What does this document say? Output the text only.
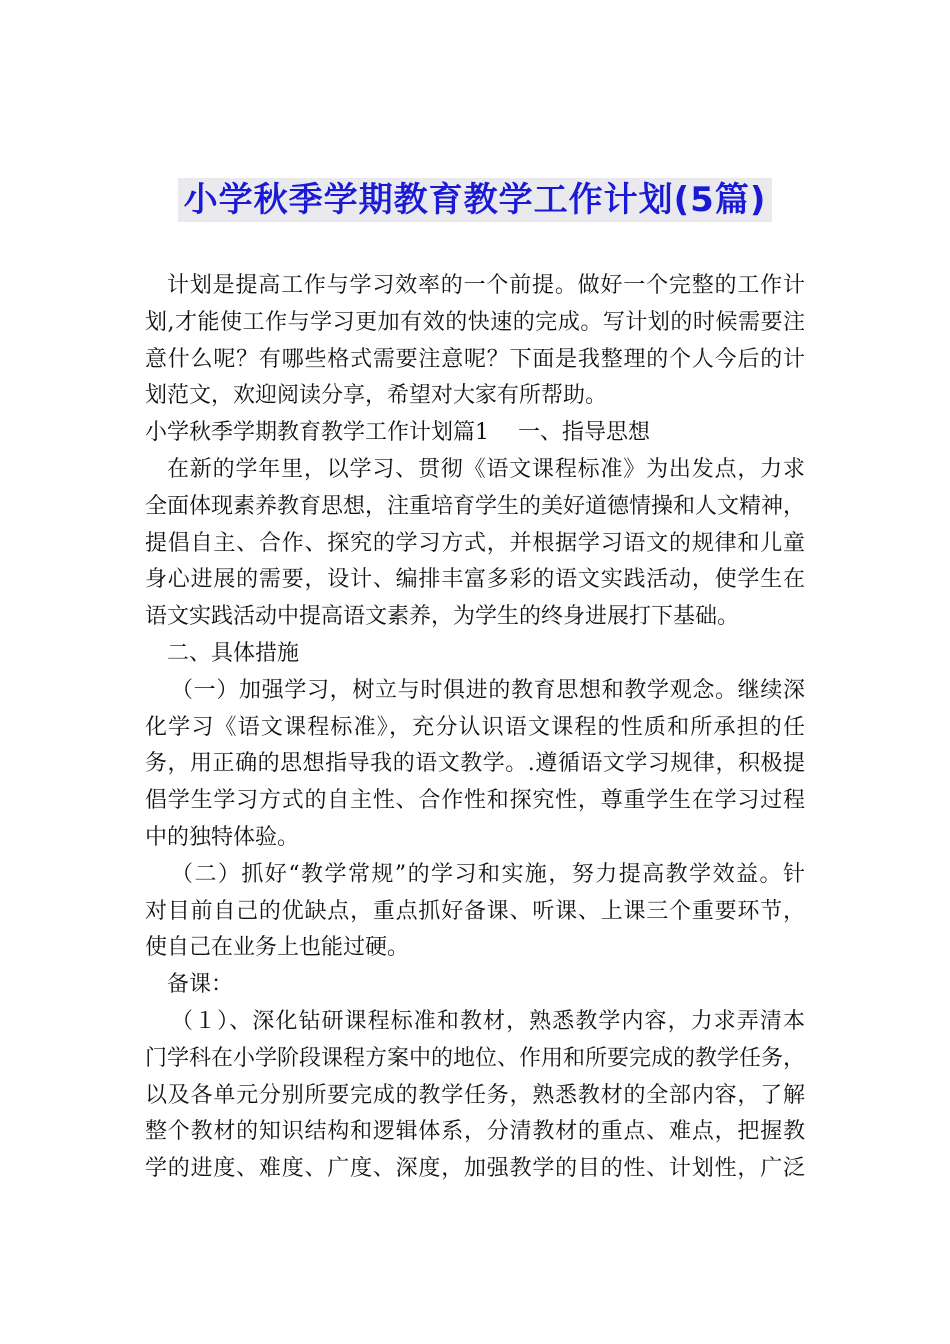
小学秋季学期教育教学工作计划(5篇)
计划是提高工作与学习效率的一个前提。做好一个完整的工作计
划,才能使工作与学习更加有效的快速的完成。写计划的时候需要注
意什么呢？有哪些格式需要注意呢？下面是我整理的个人今后的计
划范文，欢迎阅读分享，希望对大家有所帮助。
小学秋季学期教育教学工作计划篇1　 一、指导思想
在新的学年里，以学习、贯彻《语文课程标准》为出发点，力求
全面体现素养教育思想，注重培育学生的美好道德情操和人文精神，
提倡自主、合作、探究的学习方式，并根据学习语文的规律和儿童
身心进展的需要，设计、编排丰富多彩的语文实践活动，使学生在
语文实践活动中提高语文素养，为学生的终身进展打下基础。
二、具体措施
（一）加强学习，树立与时俱进的教育思想和教学观念。继续深
化学习《语文课程标准》，充分认识语文课程的性质和所承担的任
务，用正确的思想指导我的语文教学。.遵循语文学习规律，积极提
倡学生学习方式的自主性、合作性和探究性，尊重学生在学习过程
中的独特体验。
（二）抓好“教学常规”的学习和实施，努力提高教学效益。针
对目前自己的优缺点，重点抓好备课、听课、上课三个重要环节，
使自己在业务上也能过硬。
备课：
（１）、深化钻研课程标准和教材，熟悉教学内容，力求弄清本
门学科在小学阶段课程方案中的地位、作用和所要完成的教学任务，
以及各单元分别所要完成的教学任务，熟悉教材的全部内容，了解
整个教材的知识结构和逻辑体系，分清教材的重点、难点，把握教
学的进度、难度、广度、深度，加强教学的目的性、计划性，广泛
